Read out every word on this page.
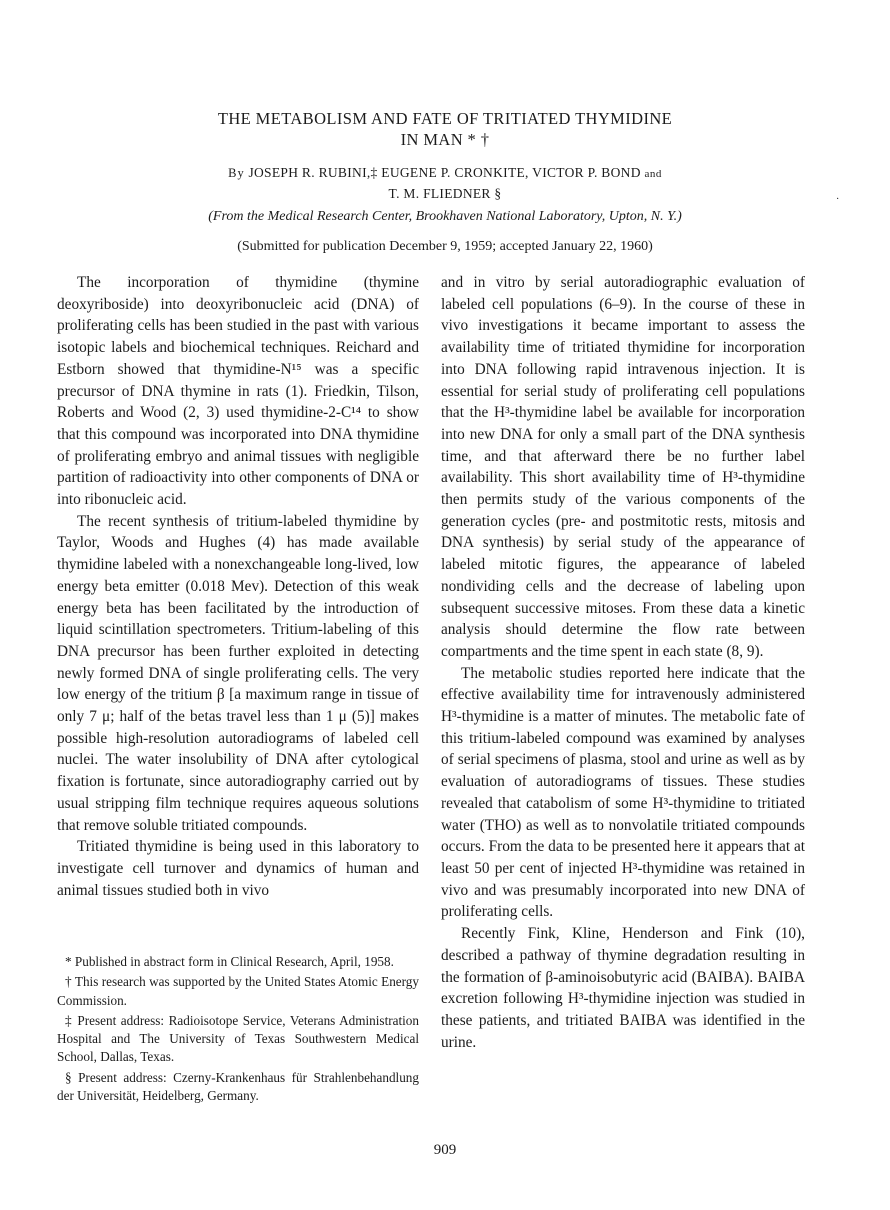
THE METABOLISM AND FATE OF TRITIATED THYMIDINE
IN MAN * †
By JOSEPH R. RUBINI,‡ EUGENE P. CRONKITE, VICTOR P. BOND and
T. M. FLIEDNER §	·
(From the Medical Research Center, Brookhaven National Laboratory, Upton, N. Y.)
(Submitted for publication December 9, 1959; accepted January 22, 1960)

The incorporation of thymidine (thymine deoxyriboside) into deoxyribonucleic acid (DNA) of proliferating cells has been studied in the past with various isotopic labels and biochemical techniques. Reichard and Estborn showed that thymidine-N¹⁵ was a specific precursor of DNA thymine in rats (1). Friedkin, Tilson, Roberts and Wood (2, 3) used thymidine-2-C¹⁴ to show that this compound was incorporated into DNA thymidine of proliferating embryo and animal tissues with negligible partition of radioactivity into other components of DNA or into ribonucleic acid.

The recent synthesis of tritium-labeled thymidine by Taylor, Woods and Hughes (4) has made available thymidine labeled with a nonexchangeable long-lived, low energy beta emitter (0.018 Mev). Detection of this weak energy beta has been facilitated by the introduction of liquid scintillation spectrometers. Tritium-labeling of this DNA precursor has been further exploited in detecting newly formed DNA of single proliferating cells. The very low energy of the tritium β [a maximum range in tissue of only 7 μ; half of the betas travel less than 1 μ (5)] makes possible high-resolution autoradiograms of labeled cell nuclei. The water insolubility of DNA after cytological fixation is fortunate, since autoradiography carried out by usual stripping film technique requires aqueous solutions that remove soluble tritiated compounds.

Tritiated thymidine is being used in this laboratory to investigate cell turnover and dynamics of human and animal tissues studied both in vivo

* Published in abstract form in Clinical Research, April, 1958.

† This research was supported by the United States Atomic Energy Commission.

‡ Present address: Radioisotope Service, Veterans Administration Hospital and The University of Texas Southwestern Medical School, Dallas, Texas.

§ Present address: Czerny-Krankenhaus für Strahlenbehandlung der Universität, Heidelberg, Germany.

and in vitro by serial autoradiographic evaluation of labeled cell populations (6–9). In the course of these in vivo investigations it became important to assess the availability time of tritiated thymidine for incorporation into DNA following rapid intravenous injection. It is essential for serial study of proliferating cell populations that the H³-thymidine label be available for incorporation into new DNA for only a small part of the DNA synthesis time, and that afterward there be no further label availability. This short availability time of H³-thymidine then permits study of the various components of the generation cycles (pre- and postmitotic rests, mitosis and DNA synthesis) by serial study of the appearance of labeled mitotic figures, the appearance of labeled nondividing cells and the decrease of labeling upon subsequent successive mitoses. From these data a kinetic analysis should determine the flow rate between compartments and the time spent in each state (8, 9).

The metabolic studies reported here indicate that the effective availability time for intravenously administered H³-thymidine is a matter of minutes. The metabolic fate of this tritium-labeled compound was examined by analyses of serial specimens of plasma, stool and urine as well as by evaluation of autoradiograms of tissues. These studies revealed that catabolism of some H³-thymidine to tritiated water (THO) as well as to nonvolatile tritiated compounds occurs. From the data to be presented here it appears that at least 50 per cent of injected H³-thymidine was retained in vivo and was presumably incorporated into new DNA of proliferating cells.

Recently Fink, Kline, Henderson and Fink (10), described a pathway of thymine degradation resulting in the formation of β-aminoisobutyric acid (BAIBA). BAIBA excretion following H³-thymidine injection was studied in these patients, and tritiated BAIBA was identified in the urine.

909
